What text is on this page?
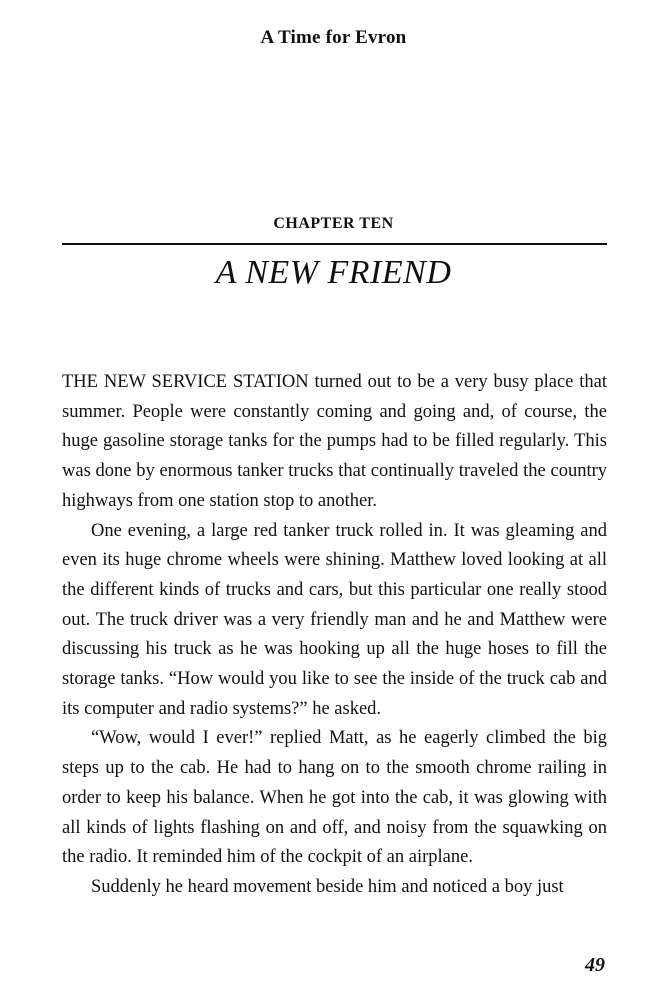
A Time for Evron
CHAPTER TEN
A NEW FRIEND

THE NEW SERVICE STATION turned out to be a very busy place that summer. People were constantly coming and going and, of course, the huge gasoline storage tanks for the pumps had to be filled regularly. This was done by enormous tanker trucks that continually traveled the country highways from one station stop to another.

One evening, a large red tanker truck rolled in. It was gleaming and even its huge chrome wheels were shining. Matthew loved looking at all the different kinds of trucks and cars, but this particular one really stood out. The truck driver was a very friendly man and he and Matthew were discussing his truck as he was hooking up all the huge hoses to fill the storage tanks. “How would you like to see the inside of the truck cab and its computer and radio systems?” he asked.

“Wow, would I ever!” replied Matt, as he eagerly climbed the big steps up to the cab. He had to hang on to the smooth chrome railing in order to keep his balance. When he got into the cab, it was glowing with all kinds of lights flashing on and off, and noisy from the squawking on the radio. It reminded him of the cockpit of an airplane.

Suddenly he heard movement beside him and noticed a boy just

49
